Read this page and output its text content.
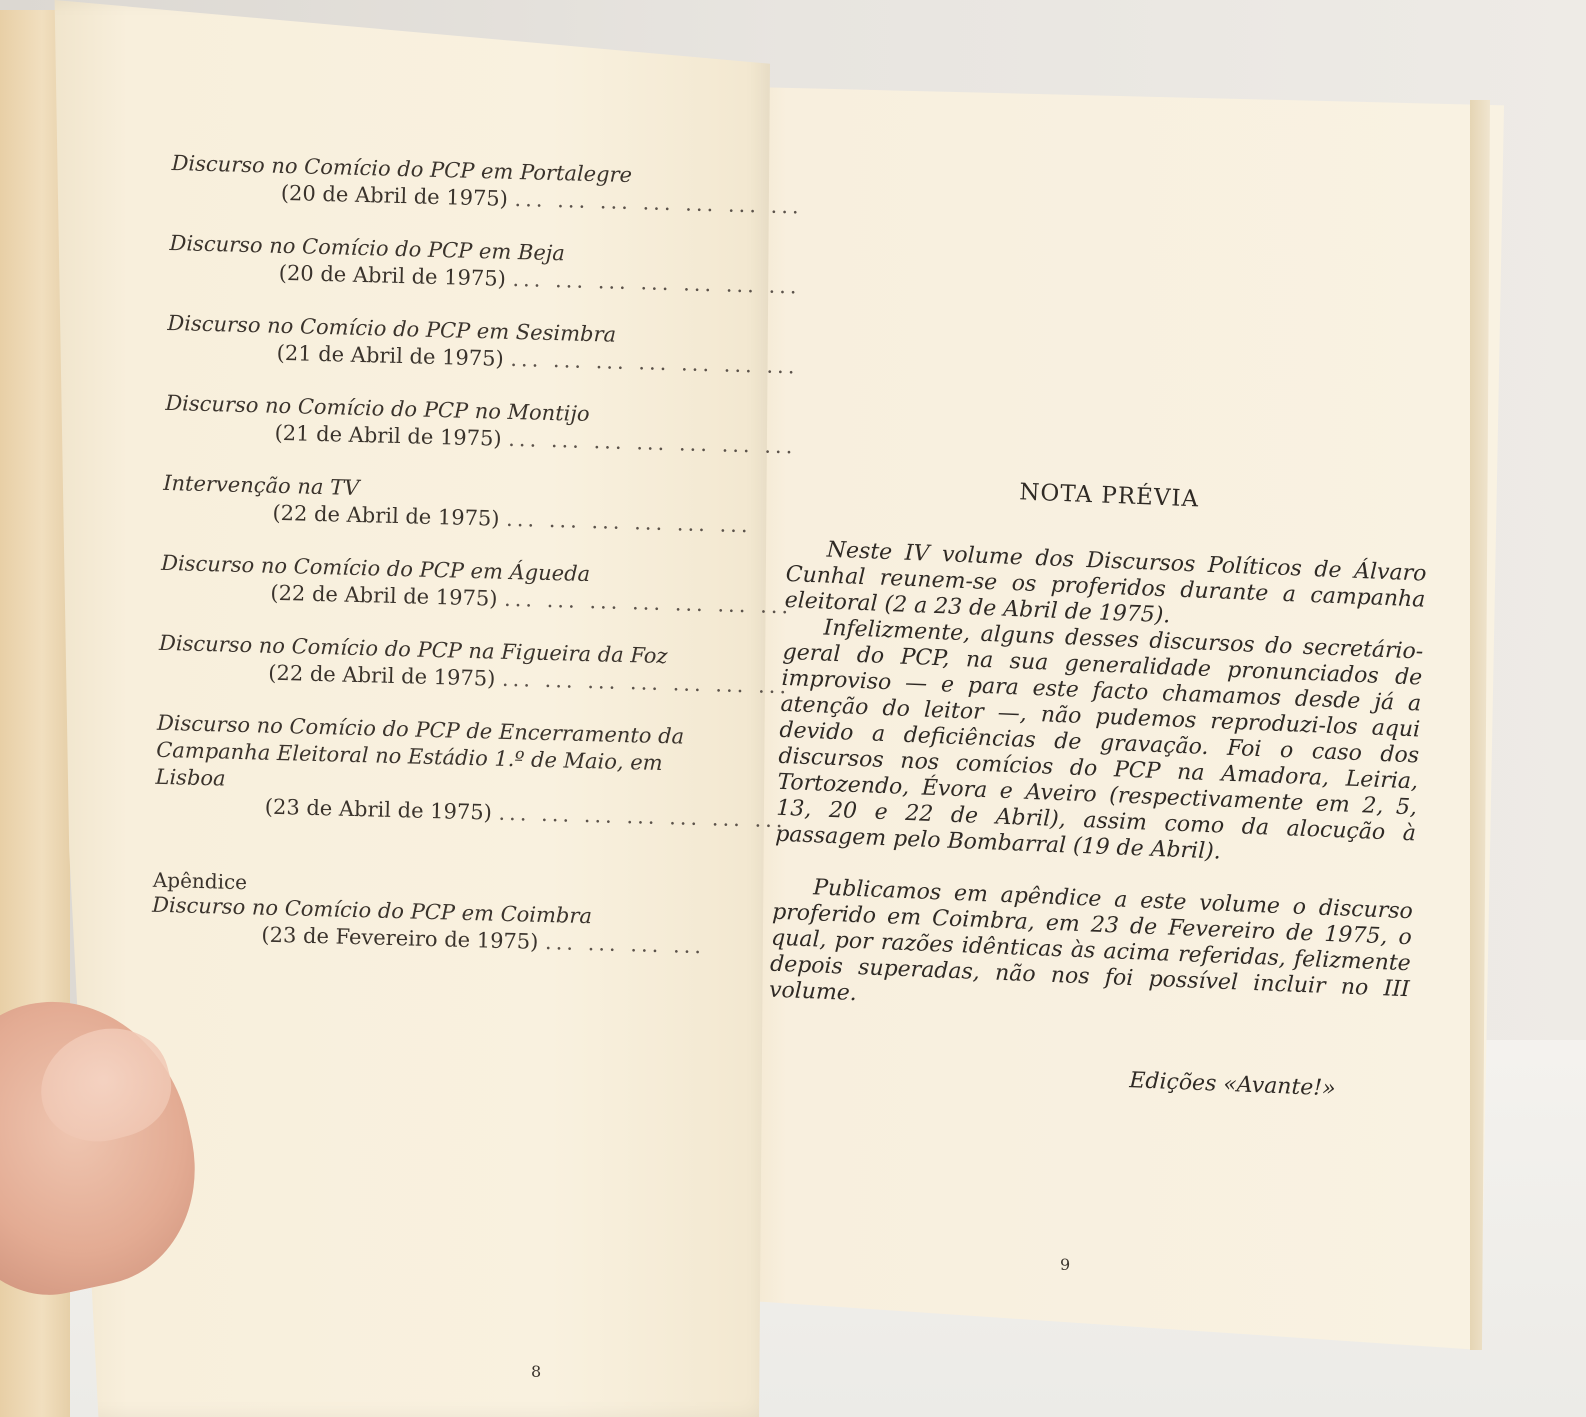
Discurso no Comício do PCP em Portalegre
(20 de Abril de 1975) ... ... ... ... ... ... ...
Discurso no Comício do PCP em Beja
(20 de Abril de 1975) ... ... ... ... ... ... ...
Discurso no Comício do PCP em Sesimbra
(21 de Abril de 1975) ... ... ... ... ... ... ...
Discurso no Comício do PCP no Montijo
(21 de Abril de 1975) ... ... ... ... ... ... ...
Intervenção na TV
(22 de Abril de 1975) ... ... ... ... ... ...
Discurso no Comício do PCP em Águeda
(22 de Abril de 1975) ... ... ... ... ... ... ...
Discurso no Comício do PCP na Figueira da Foz
(22 de Abril de 1975) ... ... ... ... ... ... ...
Discurso no Comício do PCP de Encerramento da Campanha Eleitoral no Estádio 1.º de Maio, em Lisboa
(23 de Abril de 1975) ... ... ... ... ... ... ...
Apêndice
Discurso no Comício do PCP em Coimbra
(23 de Fevereiro de 1975) ... ... ... ...
8
NOTA PRÉVIA

Neste IV volume dos Discursos Políticos de Álvaro Cunhal reunem-se os proferidos durante a campanha eleitoral (2 a 23 de Abril de 1975).

Infelizmente, alguns desses discursos do secretário-geral do PCP, na sua generalidade pronunciados de improviso — e para este facto chamamos desde já a atenção do leitor —, não pudemos reproduzi-los aqui devido a deficiências de gravação. Foi o caso dos discursos nos comícios do PCP na Amadora, Leiria, Tortozendo, Évora e Aveiro (respectivamente em 2, 5, 13, 20 e 22 de Abril), assim como da alocução à passagem pelo Bombarral (19 de Abril).

Publicamos em apêndice a este volume o discurso proferido em Coimbra, em 23 de Fevereiro de 1975, o qual, por razões idênticas às acima referidas, felizmente depois superadas, não nos foi possível incluir no III volume.

Edições «Avante!»
9
